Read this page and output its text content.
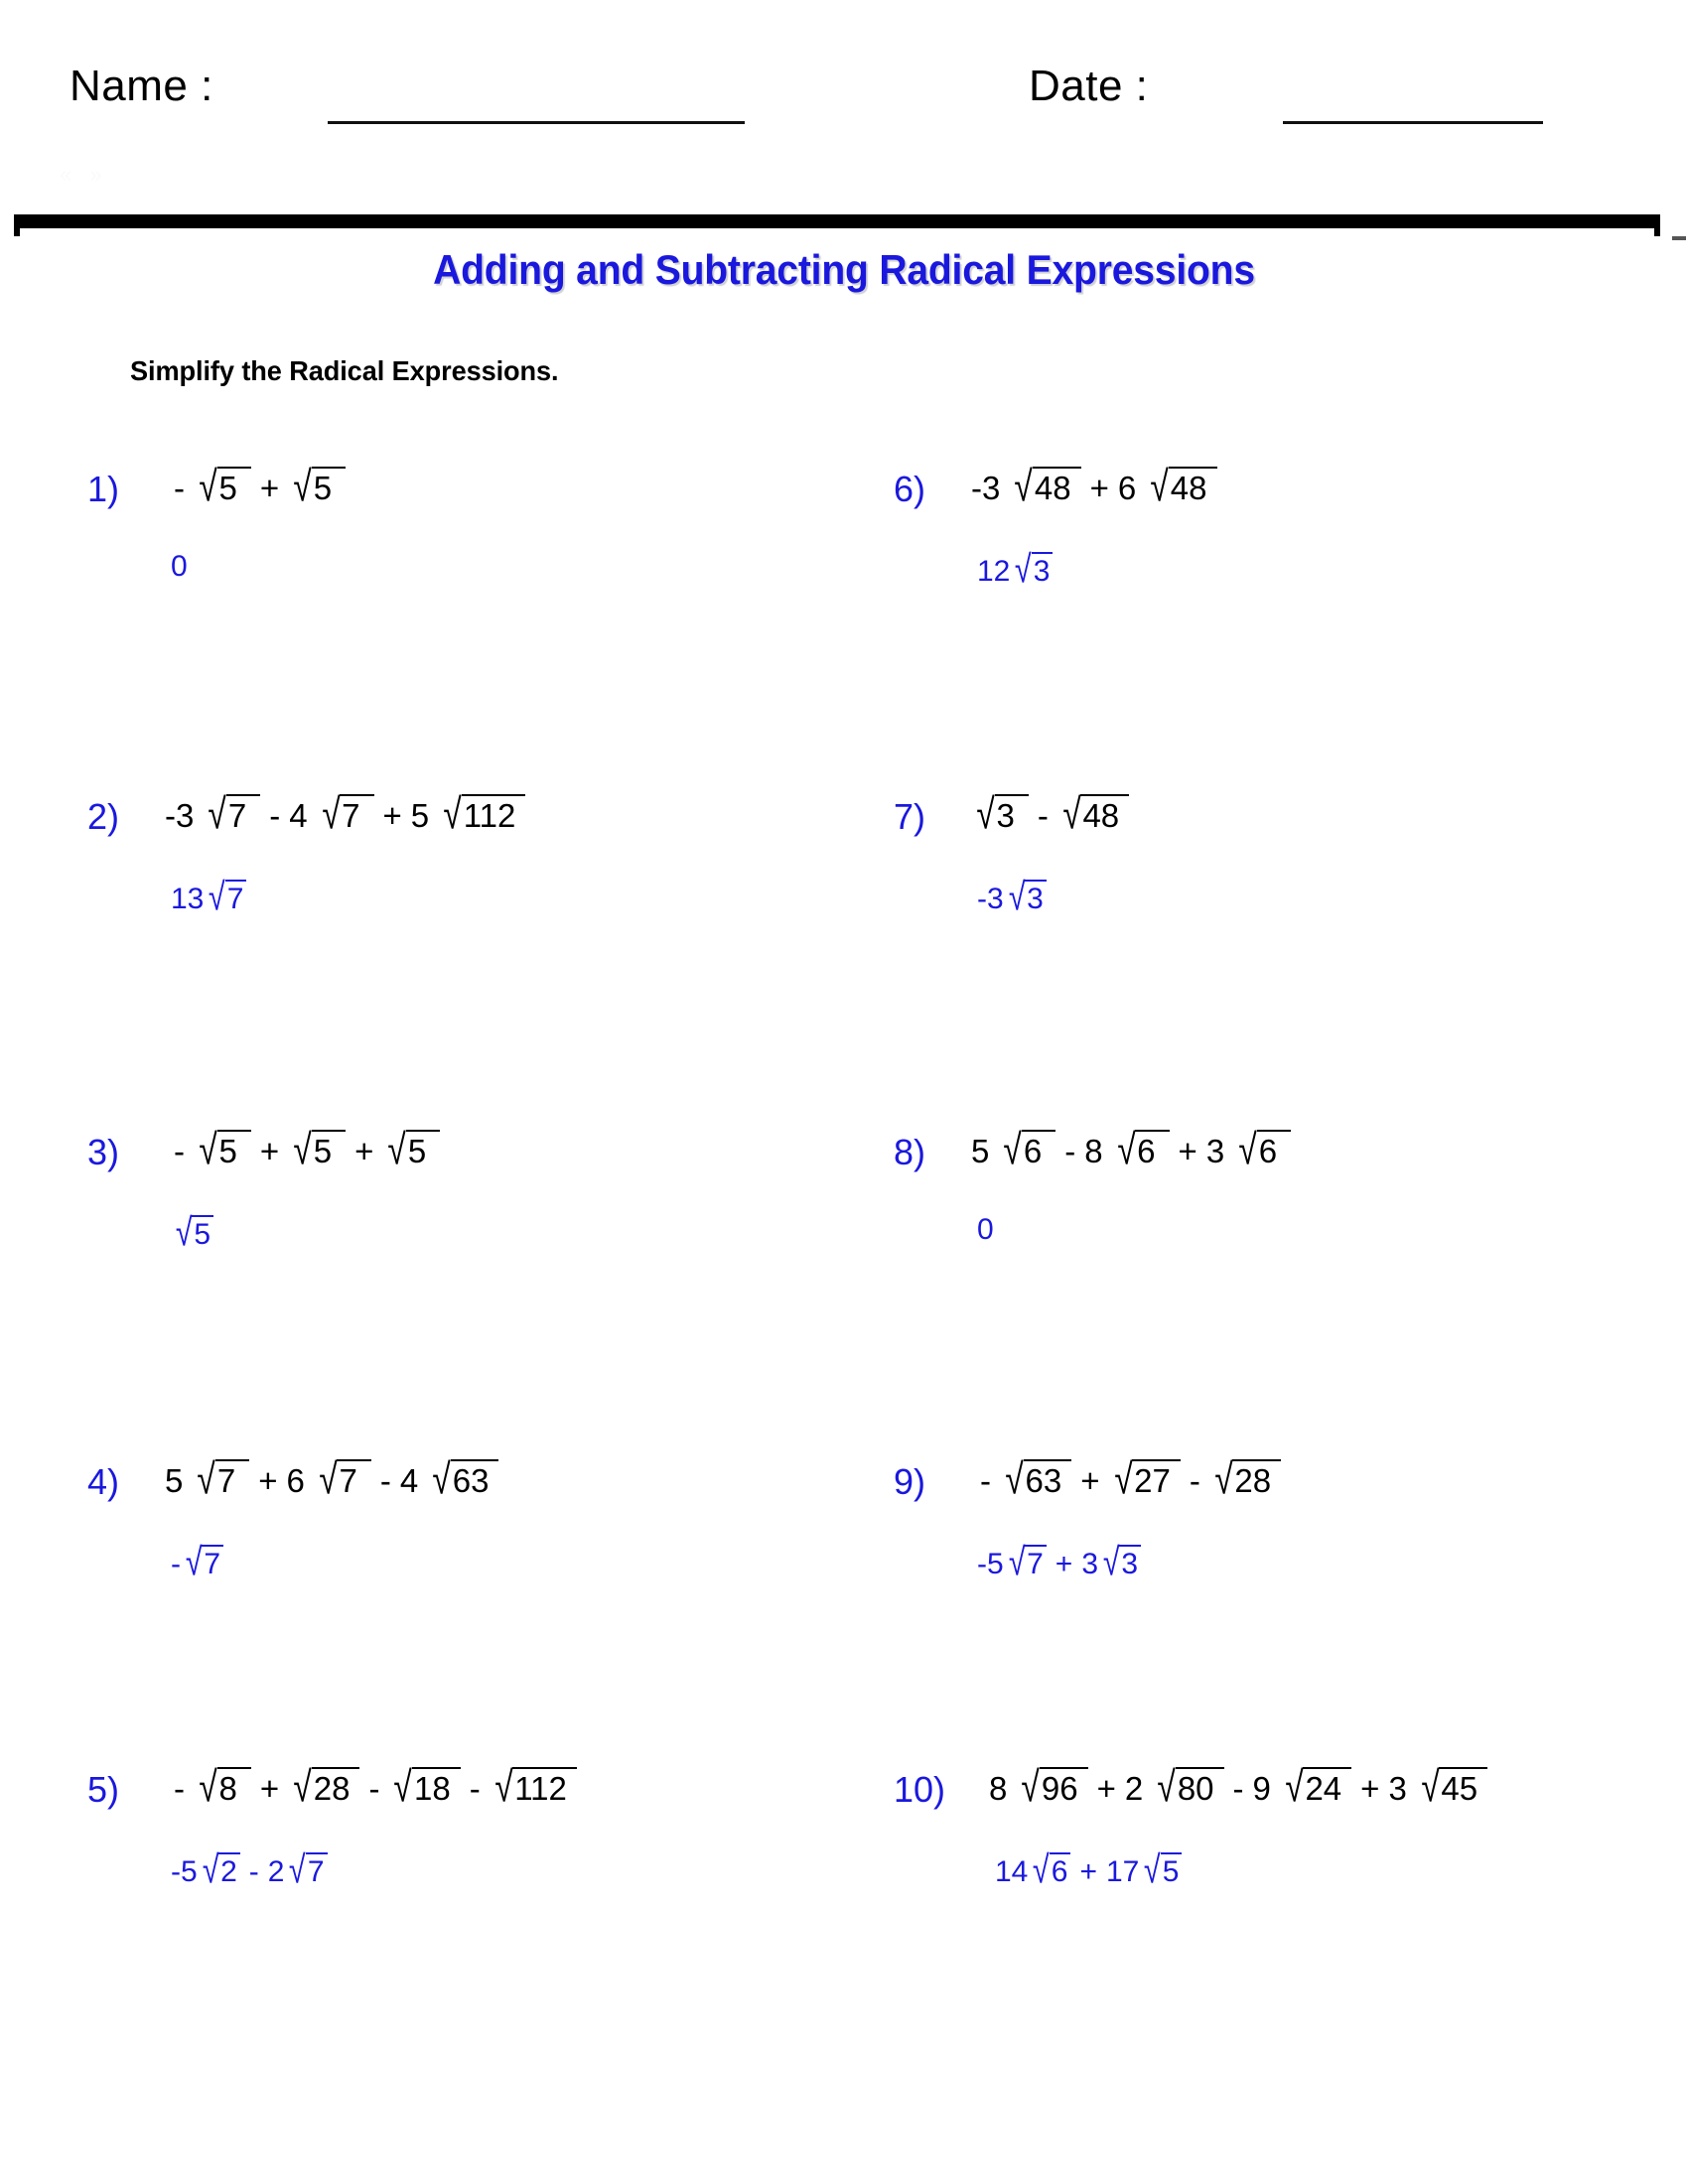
Name :	Date :
« »
Adding and Subtracting Radical Expressions
Simplify the Radical Expressions.
1) - √5 + √5
0
2) -3 √7 - 4 √7 + 5 √112
13 √7
3) - √5 + √5 + √5
√5
4) 5 √7 + 6 √7 - 4 √63
- √7
5) - √8 + √28 - √18 - √112
-5 √2 - 2 √7
6) -3 √48 + 6 √48
12 √3
7) √3 - √48
-3 √3
8) 5 √6 - 8 √6 + 3 √6
0
9) - √63 + √27 - √28
-5 √7 + 3 √3
10) 8 √96 + 2 √80 - 9 √24 + 3 √45
14 √6 + 17 √5
